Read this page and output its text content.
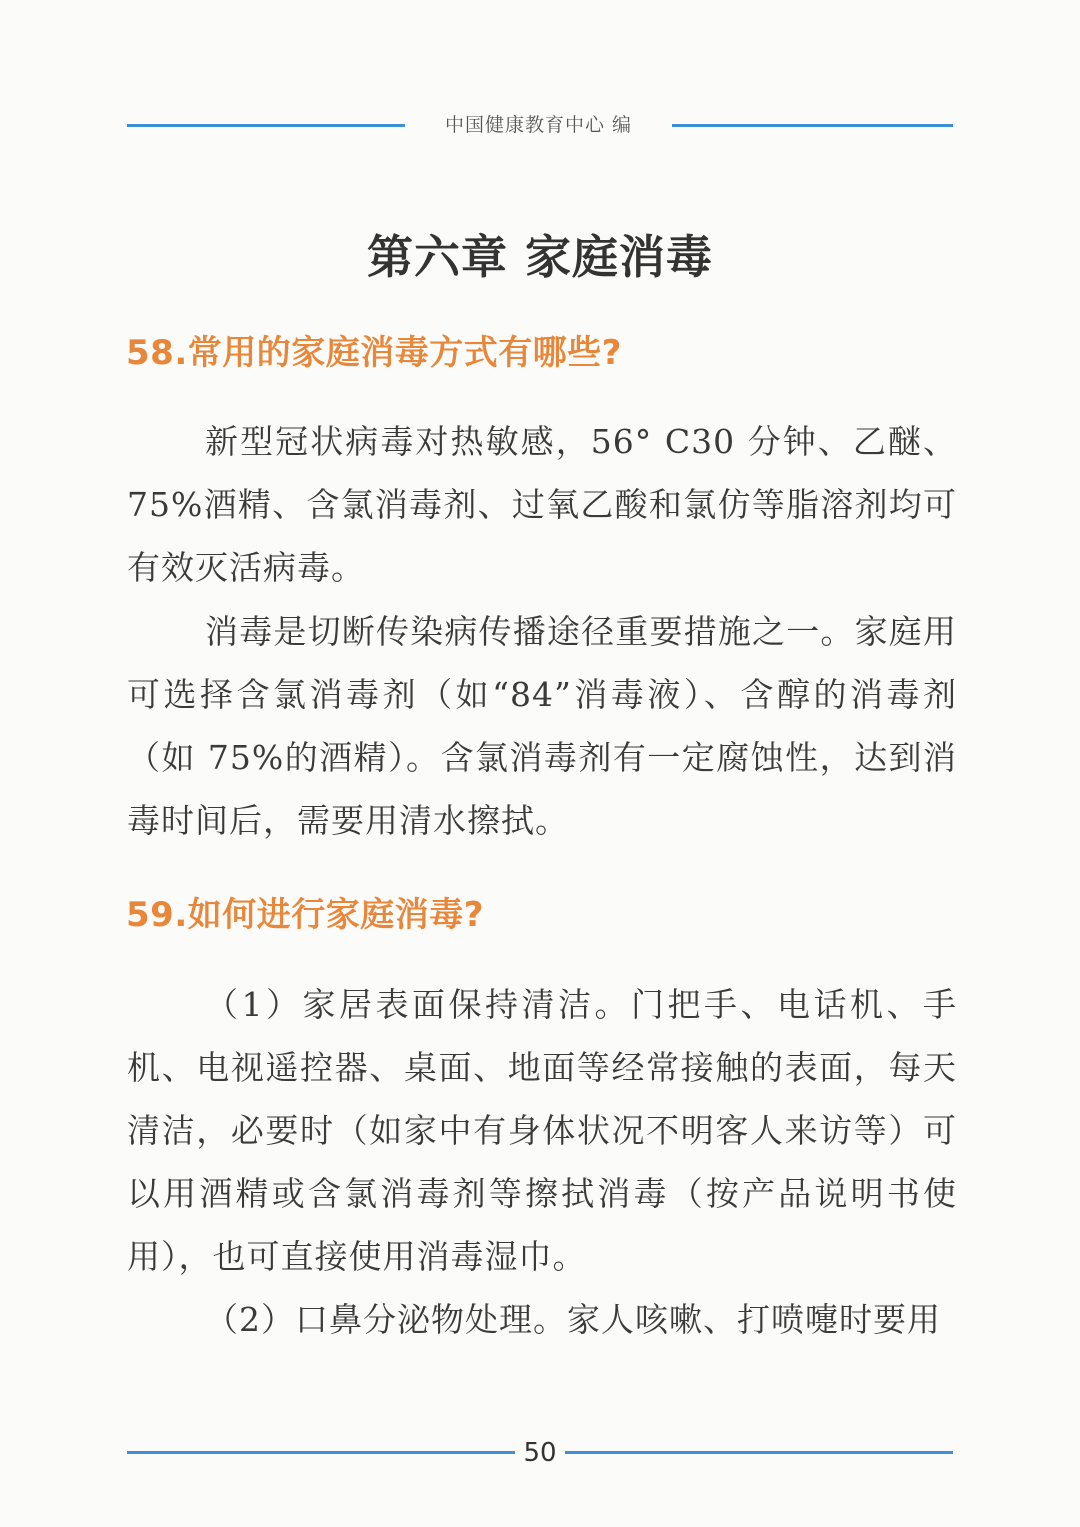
中国健康教育中心 编
第六章 家庭消毒
58.常用的家庭消毒方式有哪些?

新型冠状病毒对热敏感，56° C30 分钟、乙醚、75%酒精、含氯消毒剂、过氧乙酸和氯仿等脂溶剂均可有效灭活病毒。

消毒是切断传染病传播途径重要措施之一。家庭用可选择含氯消毒剂（如“84”消毒液）、含醇的消毒剂（如 75%的酒精）。含氯消毒剂有一定腐蚀性，达到消毒时间后，需要用清水擦拭。

59.如何进行家庭消毒?

（1）家居表面保持清洁。门把手、电话机、手机、电视遥控器、桌面、地面等经常接触的表面，每天清洁，必要时（如家中有身体状况不明客人来访等）可以用酒精或含氯消毒剂等擦拭消毒（按产品说明书使用），也可直接使用消毒湿巾。

（2）口鼻分泌物处理。家人咳嗽、打喷嚏时要用

50
